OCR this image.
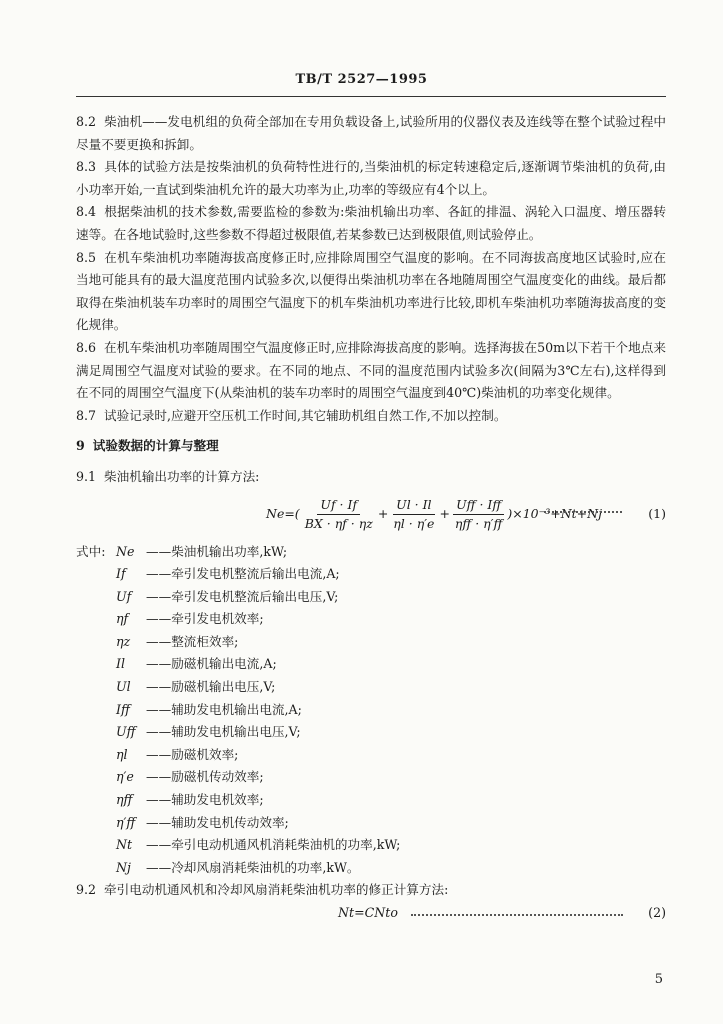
TB/T 2527—1995

8.2 柴油机——发电机组的负荷全部加在专用负载设备上,试验所用的仪器仪表及连线等在整个试验过程中尽量不要更换和拆卸。

8.3 具体的试验方法是按柴油机的负荷特性进行的,当柴油机的标定转速稳定后,逐渐调节柴油机的负荷,由小功率开始,一直试到柴油机允许的最大功率为止,功率的等级应有4个以上。

8.4 根据柴油机的技术参数,需要监检的参数为:柴油机输出功率、各缸的排温、涡轮入口温度、增压器转速等。在各地试验时,这些参数不得超过极限值,若某参数已达到极限值,则试验停止。

8.5 在机车柴油机功率随海拔高度修正时,应排除周围空气温度的影响。在不同海拔高度地区试验时,应在当地可能具有的最大温度范围内试验多次,以便得出柴油机功率在各地随周围空气温度变化的曲线。最后都取得在柴油机装车功率时的周围空气温度下的机车柴油机功率进行比较,即机车柴油机功率随海拔高度的变化规律。

8.6 在机车柴油机功率随周围空气温度修正时,应排除海拔高度的影响。选择海拔在50m以下若干个地点来满足周围空气温度对试验的要求。在不同的地点、不同的温度范围内试验多次(间隔为3℃左右),这样得到在不同的周围空气温度下(从柴油机的装车功率时的周围空气温度到40℃)柴油机的功率变化规律。

8.7 试验记录时,应避开空压机工作时间,其它辅助机组自然工作,不加以控制。

9 试验数据的计算与整理

9.1 柴油机输出功率的计算方法:

$Ne=( \frac{Uf \cdot If}{BX \cdot \eta f \cdot \eta z} + \frac{Ul \cdot Il}{\eta l \cdot \eta'e} + \frac{\text{Uff · Iff}}{\text{ηff · η′ff}} )\times 10^{-3}+Nt+Nj$	(1)
式中: Ne ——柴油机输出功率,kW;
If ——牵引发电机整流后输出电流,A;
Uf ——牵引发电机整流后输出电压,V;
ηf ——牵引发电机效率;
ηz ——整流柜效率;
Il ——励磁机输出电流,A;
Ul ——励磁机输出电压,V;
Iff ——辅助发电机输出电流,A;
Uff ——辅助发电机输出电压,V;
ηl ——励磁机效率;
η′e ——励磁机传动效率;
ηff ——辅助发电机效率;
η′ff ——辅助发电机传动效率;
Nt ——牵引电动机通风机消耗柴油机的功率,kW;
Nj ——冷却风扇消耗柴油机的功率,kW。

9.2 牵引电动机通风机和冷却风扇消耗柴油机功率的修正计算方法:

Nt=CNto	(2)
5
